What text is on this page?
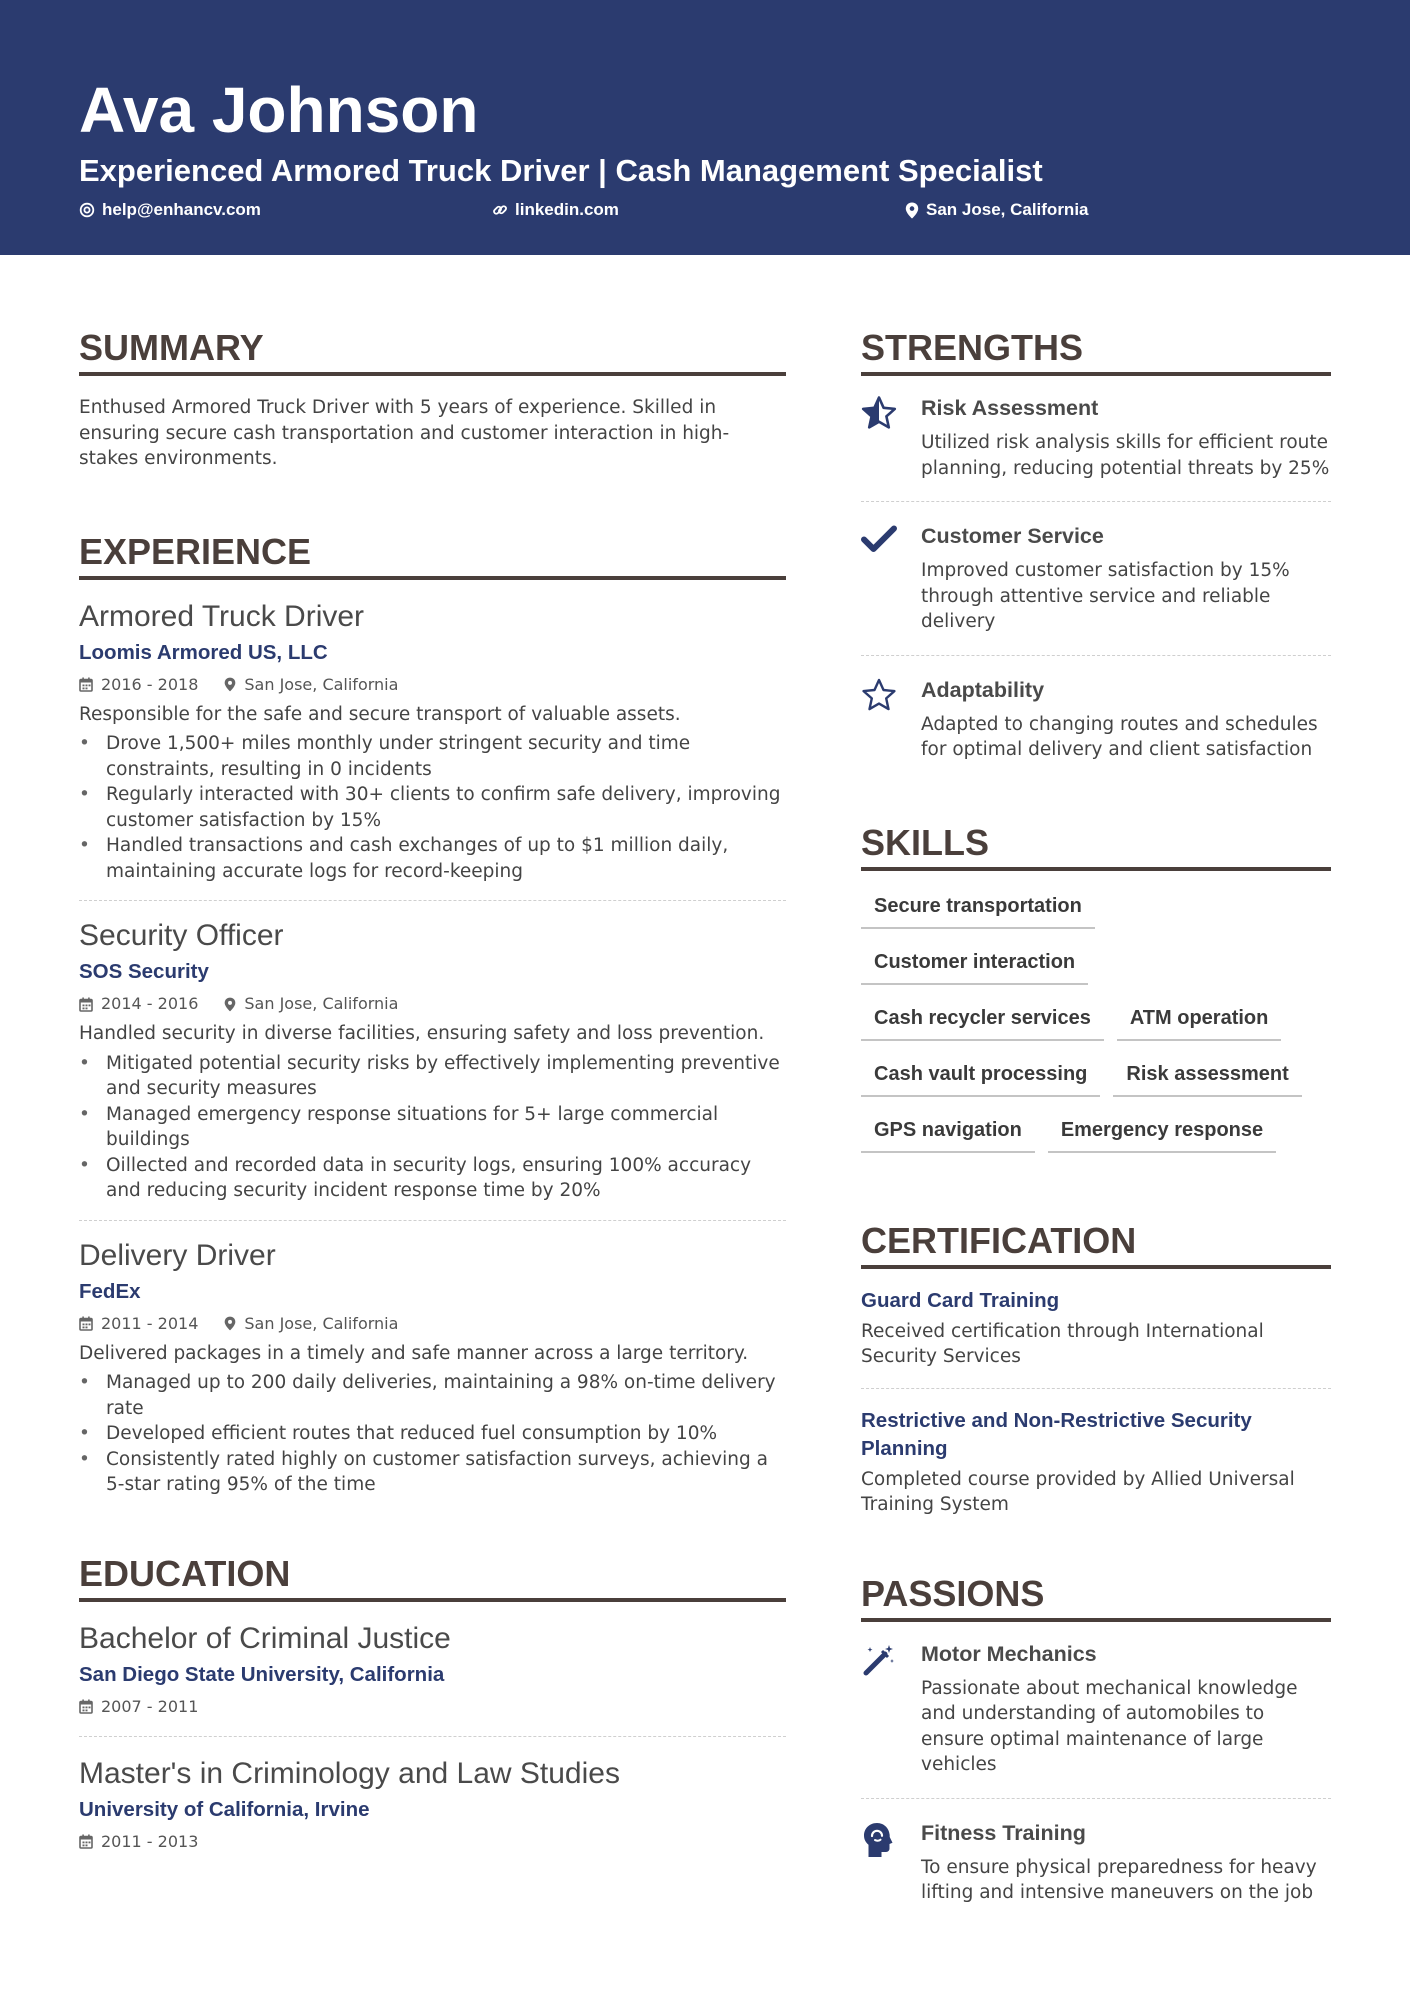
Ava Johnson
Experienced Armored Truck Driver | Cash Management Specialist
help@enhancv.com	linkedin.com	San Jose, California
SUMMARY
Enthused Armored Truck Driver with 5 years of experience. Skilled in ensuring secure cash transportation and customer interaction in high-stakes environments.
EXPERIENCE
Armored Truck Driver
Loomis Armored US, LLC
2016 - 2018	San Jose, California
Responsible for the safe and secure transport of valuable assets.
• Drove 1,500+ miles monthly under stringent security and time constraints, resulting in 0 incidents
• Regularly interacted with 30+ clients to confirm safe delivery, improving customer satisfaction by 15%
• Handled transactions and cash exchanges of up to $1 million daily, maintaining accurate logs for record-keeping
Security Officer
SOS Security
2014 - 2016	San Jose, California
Handled security in diverse facilities, ensuring safety and loss prevention.
• Mitigated potential security risks by effectively implementing preventive and security measures
• Managed emergency response situations for 5+ large commercial buildings
• Oillected and recorded data in security logs, ensuring 100% accuracy and reducing security incident response time by 20%
Delivery Driver
FedEx
2011 - 2014	San Jose, California
Delivered packages in a timely and safe manner across a large territory.
• Managed up to 200 daily deliveries, maintaining a 98% on-time delivery rate
• Developed efficient routes that reduced fuel consumption by 10%
• Consistently rated highly on customer satisfaction surveys, achieving a 5-star rating 95% of the time
EDUCATION
Bachelor of Criminal Justice
San Diego State University, California
2007 - 2011
Master's in Criminology and Law Studies
University of California, Irvine
2011 - 2013
STRENGTHS
Risk Assessment
Utilized risk analysis skills for efficient route planning, reducing potential threats by 25%
Customer Service
Improved customer satisfaction by 15% through attentive service and reliable delivery
Adaptability
Adapted to changing routes and schedules for optimal delivery and client satisfaction
SKILLS
Secure transportation
Customer interaction
Cash recycler services	ATM operation
Cash vault processing	Risk assessment
GPS navigation	Emergency response
CERTIFICATION
Guard Card Training
Received certification through International Security Services
Restrictive and Non-Restrictive Security Planning
Completed course provided by Allied Universal Training System
PASSIONS
Motor Mechanics
Passionate about mechanical knowledge and understanding of automobiles to ensure optimal maintenance of large vehicles
Fitness Training
To ensure physical preparedness for heavy lifting and intensive maneuvers on the job
